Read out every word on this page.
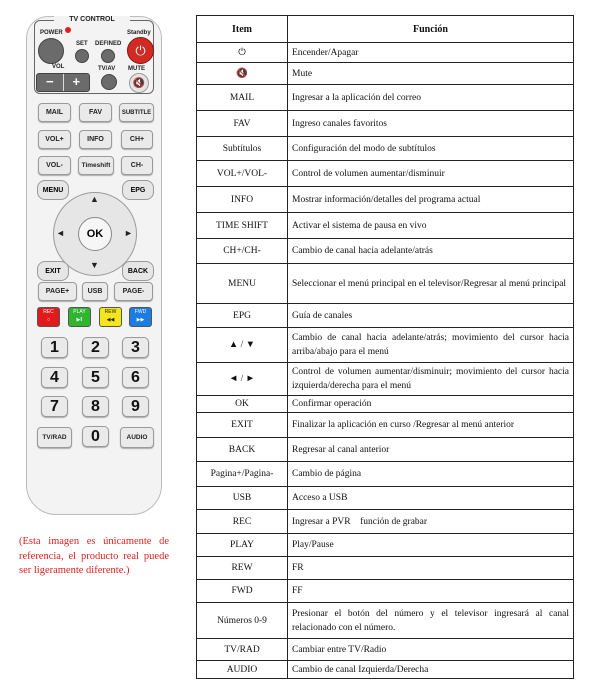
TV CONTROL
POWER
SET DEFINED
Standby
⏻
VOL
−	+
TV/AV MUTE
🔇
MAIL	FAV	SUBTITLE
VOL+	INFO	CH+
VOL-	Timeshift	CH-
MENU	EPG
▲
▼
◄	►
OK
EXIT	BACK
PAGE+	USB	PAGE-
REC
○
PLAY
▶‖
REW
◀◀
FWD
▶▶
1	2	3
4	5	6
7	8	9
TV/RAD	0	AUDIO
(Esta imagen es únicamente de referencia, el producto real puede ser ligeramente diferente.)
Item	Función
⏻	Encender/Apagar
🔇	Mute
MAIL	Ingresar a la aplicación del correo
FAV	Ingreso canales favoritos
Subtítulos	Configuración del modo de subtítulos
VOL+/VOL-	Control de volumen aumentar/disminuir
INFO	Mostrar información/detalles del programa actual
TIME SHIFT	Activar el sistema de pausa en vivo
CH+/CH-	Cambio de canal hacia adelante/atrás
MENU	Seleccionar el menú principal en el televisor/Regresar al menú principal
EPG	Guía de canales
▲ / ▼	Cambio de canal hacia adelante/atrás; movimiento del cursor hacia arriba/abajo para el menú
◄ / ►	Control de volumen aumentar/disminuir; movimiento del cursor hacia izquierda/derecha para el menú
OK	Confirmar operación
EXIT	Finalizar la aplicación en curso /Regresar al menú anterior
BACK	Regresar al canal anterior
Pagina+/Pagina-	Cambio de página
USB	Acceso a USB
REC	Ingresar a PVR    función de grabar
PLAY	Play/Pause
REW	FR
FWD	FF
Números 0-9	Presionar el botón del número y el televisor ingresará al canal relacionado con el número.
TV/RAD	Cambiar entre TV/Radio
AUDIO	Cambio de canal Izquierda/Derecha
